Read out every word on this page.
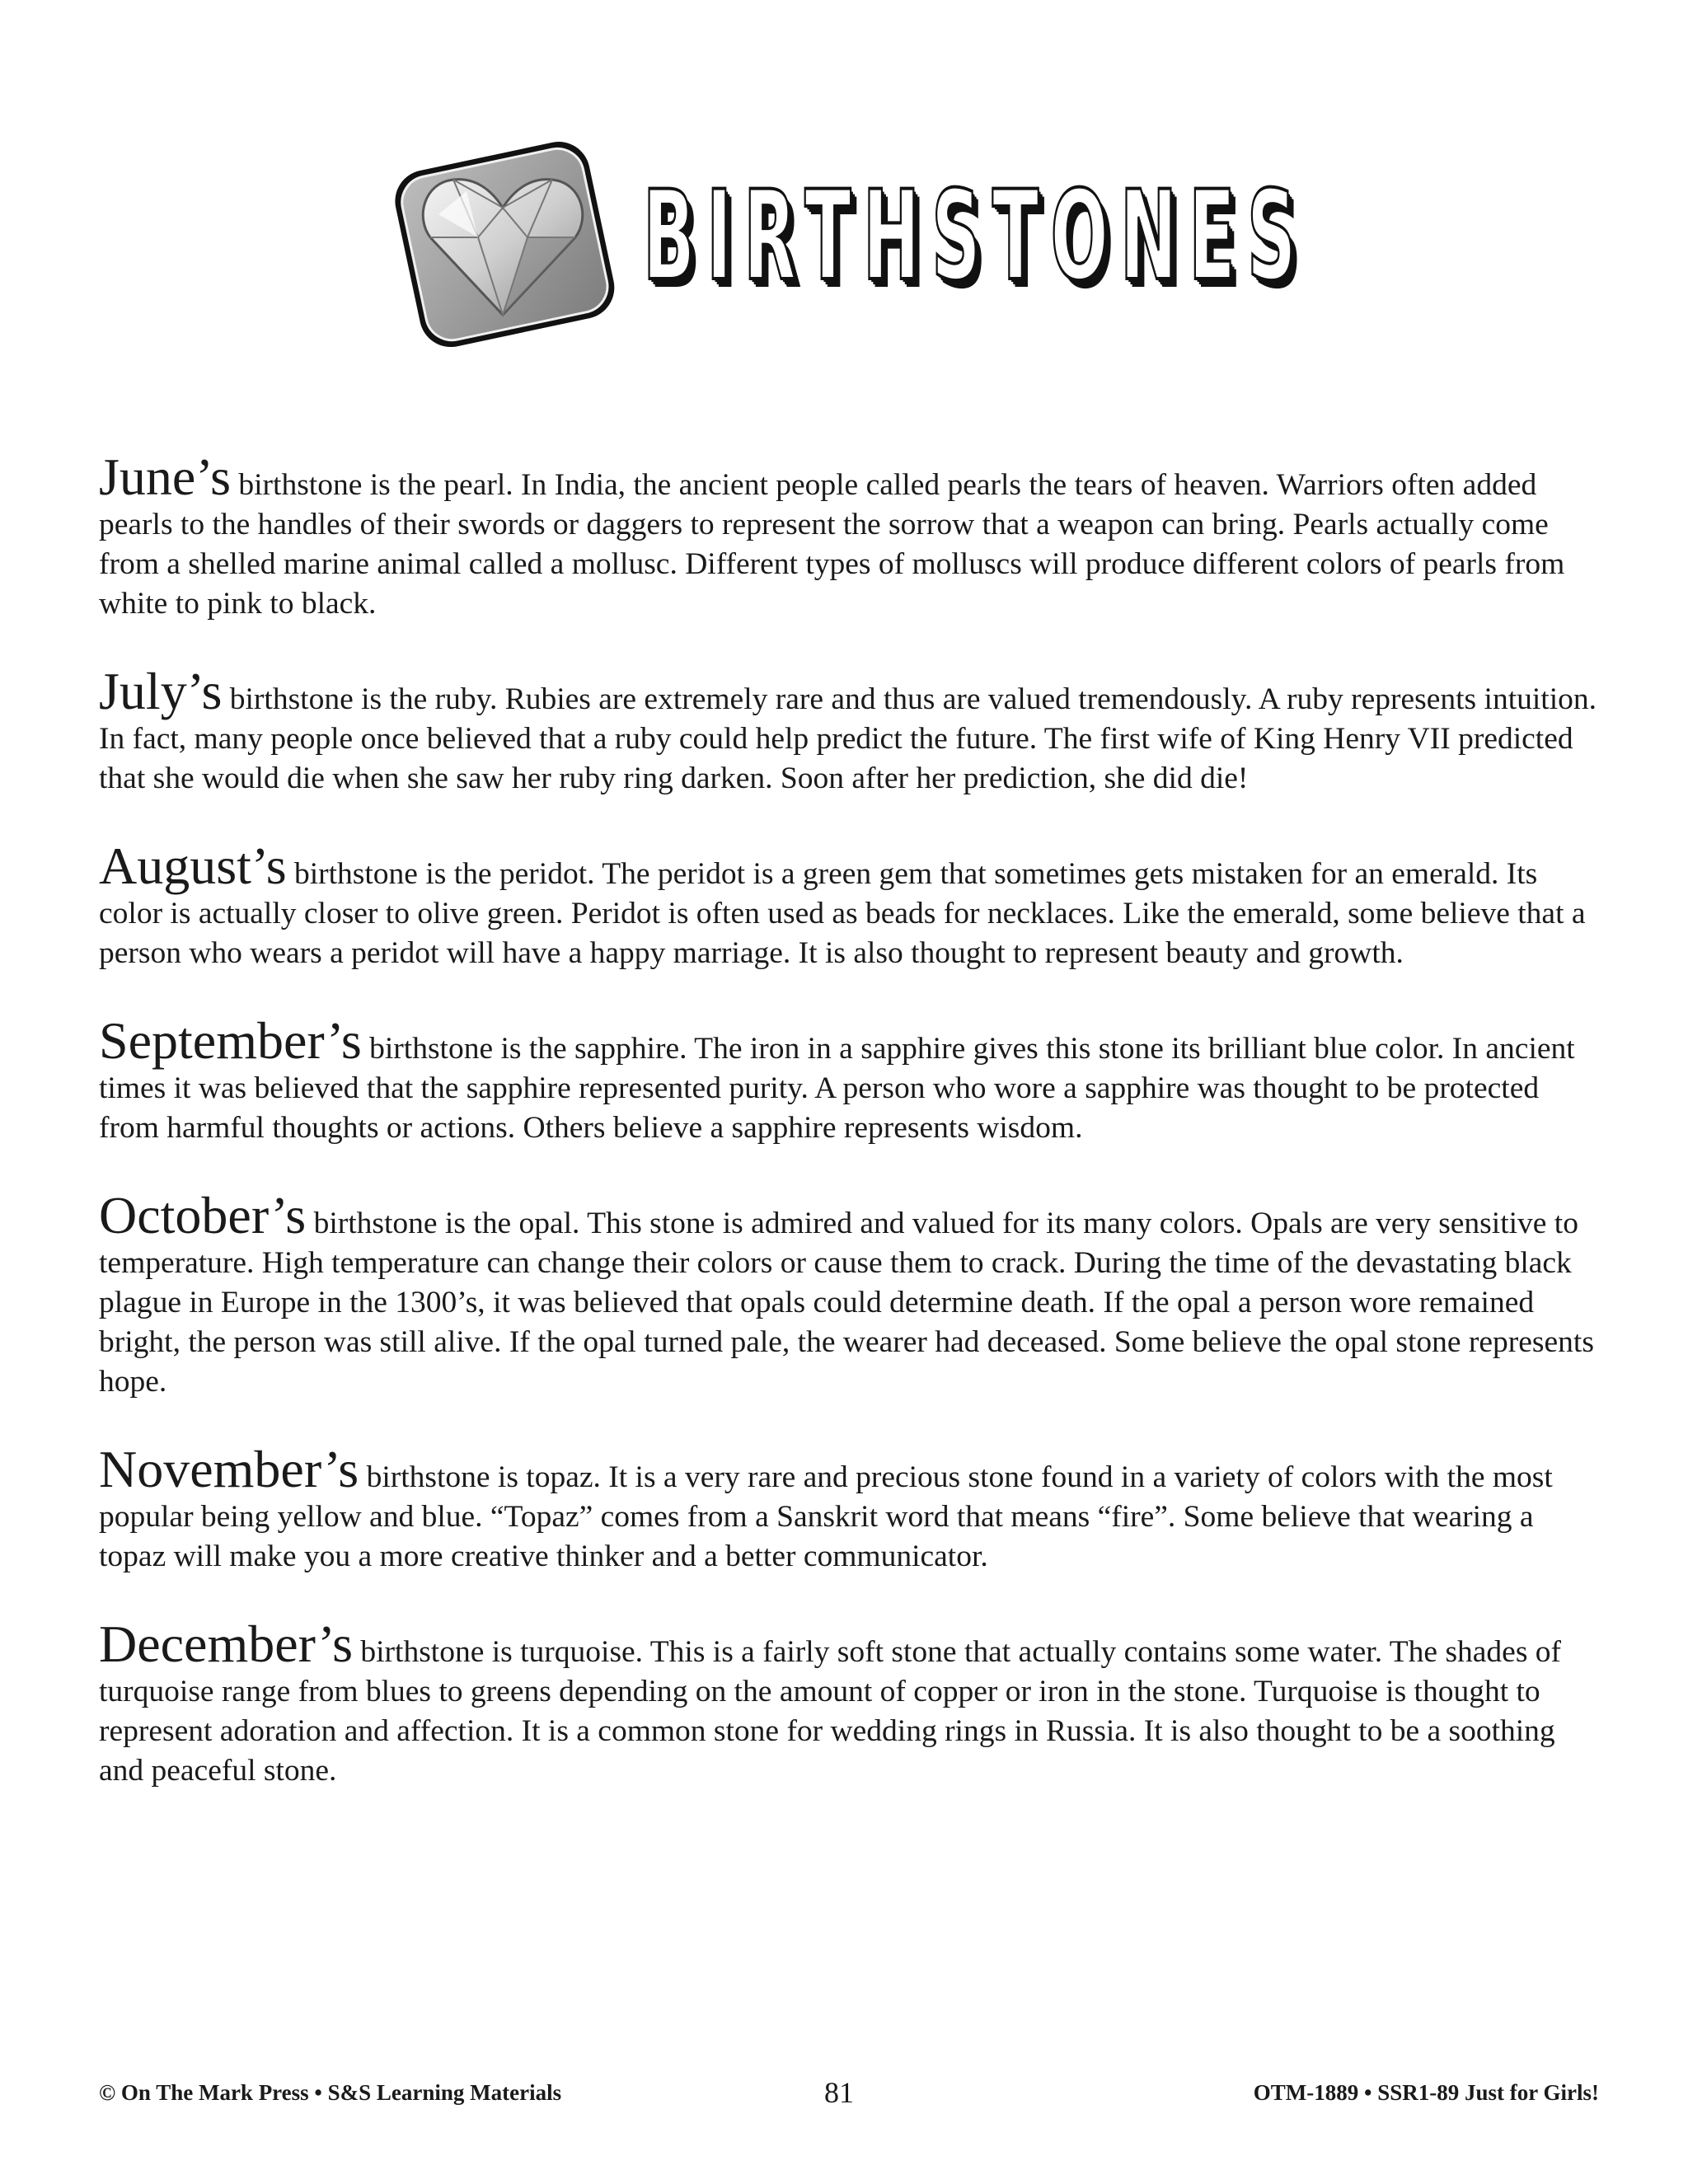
BIRTHSTONES

June’s birthstone is the pearl. In India, the ancient people called pearls the tears of heaven. Warriors often added pearls to the handles of their swords or daggers to represent the sorrow that a weapon can bring. Pearls actually come from a shelled marine animal called a mollusc. Different types of molluscs will produce different colors of pearls from white to pink to black.

July’s birthstone is the ruby. Rubies are extremely rare and thus are valued tremendously. A ruby represents intuition. In fact, many people once believed that a ruby could help predict the future. The first wife of King Henry VII predicted that she would die when she saw her ruby ring darken. Soon after her prediction, she did die!

August’s birthstone is the peridot. The peridot is a green gem that sometimes gets mistaken for an emerald. Its color is actually closer to olive green. Peridot is often used as beads for necklaces. Like the emerald, some believe that a person who wears a peridot will have a happy marriage. It is also thought to represent beauty and growth.

September’s birthstone is the sapphire. The iron in a sapphire gives this stone its brilliant blue color. In ancient times it was believed that the sapphire represented purity. A person who wore a sapphire was thought to be protected from harmful thoughts or actions. Others believe a sapphire represents wisdom.

October’s birthstone is the opal. This stone is admired and valued for its many colors. Opals are very sensitive to temperature. High temperature can change their colors or cause them to crack. During the time of the devastating black plague in Europe in the 1300’s, it was believed that opals could determine death. If the opal a person wore remained bright, the person was still alive. If the opal turned pale, the wearer had deceased. Some believe the opal stone represents hope.

November’s birthstone is topaz. It is a very rare and precious stone found in a variety of colors with the most popular being yellow and blue. “Topaz” comes from a Sanskrit word that means “fire”. Some believe that wearing a topaz will make you a more creative thinker and a better communicator.

December’s birthstone is turquoise. This is a fairly soft stone that actually contains some water. The shades of turquoise range from blues to greens depending on the amount of copper or iron in the stone. Turquoise is thought to represent adoration and affection. It is a common stone for wedding rings in Russia. It is also thought to be a soothing and peaceful stone.

© On The Mark Press • S&S Learning Materials	81	OTM-1889 • SSR1-89 Just for Girls!
